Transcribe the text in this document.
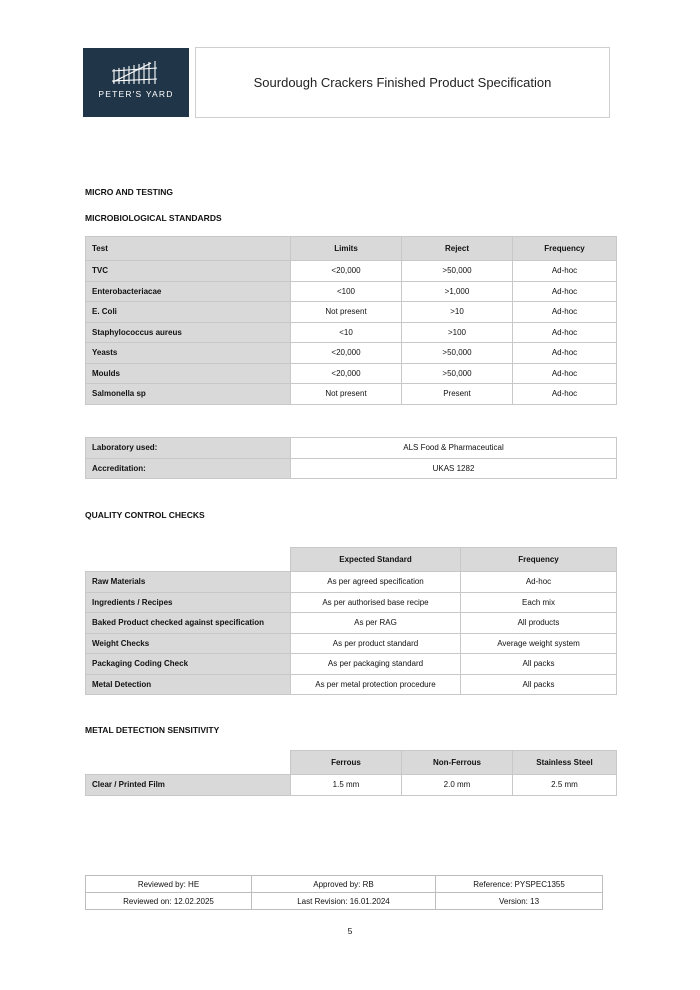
PETER'S YARD
Sourdough Crackers Finished Product Specification
MICRO AND TESTING
MICROBIOLOGICAL STANDARDS
Test	Limits	Reject	Frequency
TVC	<20,000	>50,000	Ad-hoc
Enterobacteriacae	<100	>1,000	Ad-hoc
E. Coli	Not present	>10	Ad-hoc
Staphylococcus aureus	<10	>100	Ad-hoc
Yeasts	<20,000	>50,000	Ad-hoc
Moulds	<20,000	>50,000	Ad-hoc
Salmonella sp	Not present	Present	Ad-hoc
Laboratory used:	ALS Food & Pharmaceutical
Accreditation:	UKAS 1282
QUALITY CONTROL CHECKS
	Expected Standard	Frequency
Raw Materials	As per agreed specification	Ad-hoc
Ingredients / Recipes	As per authorised base recipe	Each mix
Baked Product checked against specification	As per RAG	All products
Weight Checks	As per product standard	Average weight system
Packaging Coding Check	As per packaging standard	All packs
Metal Detection	As per metal protection procedure	All packs
METAL DETECTION SENSITIVITY
	Ferrous	Non-Ferrous	Stainless Steel
Clear / Printed Film	1.5 mm	2.0 mm	2.5 mm
Reviewed by: HE	Approved by: RB	Reference: PYSPEC1355
Reviewed on: 12.02.2025	Last Revision: 16.01.2024	Version: 13
5
